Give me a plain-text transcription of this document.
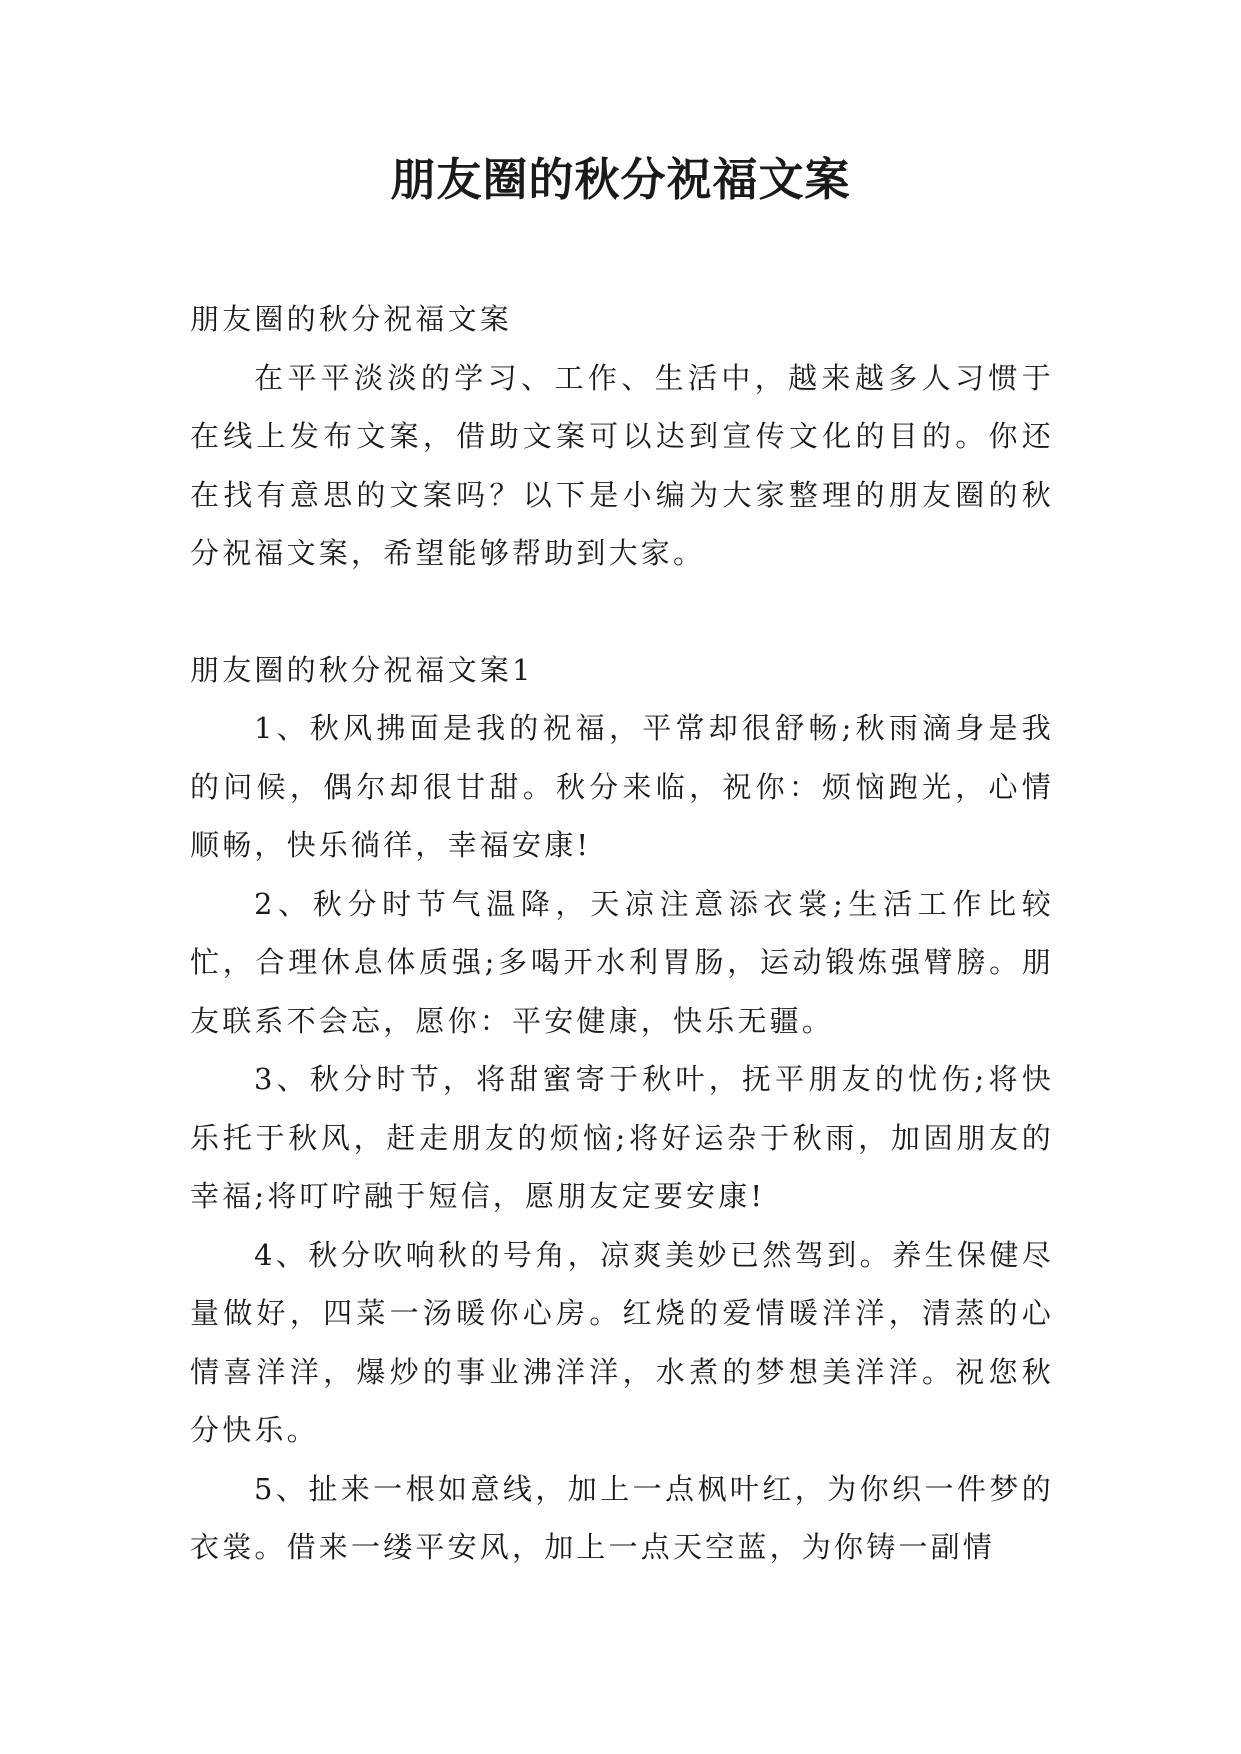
朋友圈的秋分祝福文案

朋友圈的秋分祝福文案

在平平淡淡的学习、工作、生活中，越来越多人习惯于在线上发布文案，借助文案可以达到宣传文化的目的。你还在找有意思的文案吗？以下是小编为大家整理的朋友圈的秋分祝福文案，希望能够帮助到大家。

朋友圈的秋分祝福文案1

1、秋风拂面是我的祝福，平常却很舒畅;秋雨滴身是我的问候，偶尔却很甘甜。秋分来临，祝你：烦恼跑光，心情顺畅，快乐徜徉，幸福安康!

2、秋分时节气温降，天凉注意添衣裳;生活工作比较忙，合理休息体质强;多喝开水利胃肠，运动锻炼强臂膀。朋友联系不会忘，愿你：平安健康，快乐无疆。

3、秋分时节，将甜蜜寄于秋叶，抚平朋友的忧伤;将快乐托于秋风，赶走朋友的烦恼;将好运杂于秋雨，加固朋友的幸福;将叮咛融于短信，愿朋友定要安康!

4、秋分吹响秋的号角，凉爽美妙已然驾到。养生保健尽量做好，四菜一汤暖你心房。红烧的爱情暖洋洋，清蒸的心情喜洋洋，爆炒的事业沸洋洋，水煮的梦想美洋洋。祝您秋分快乐。

5、扯来一根如意线，加上一点枫叶红，为你织一件梦的衣裳。借来一缕平安风，加上一点天空蓝，为你铸一副情
